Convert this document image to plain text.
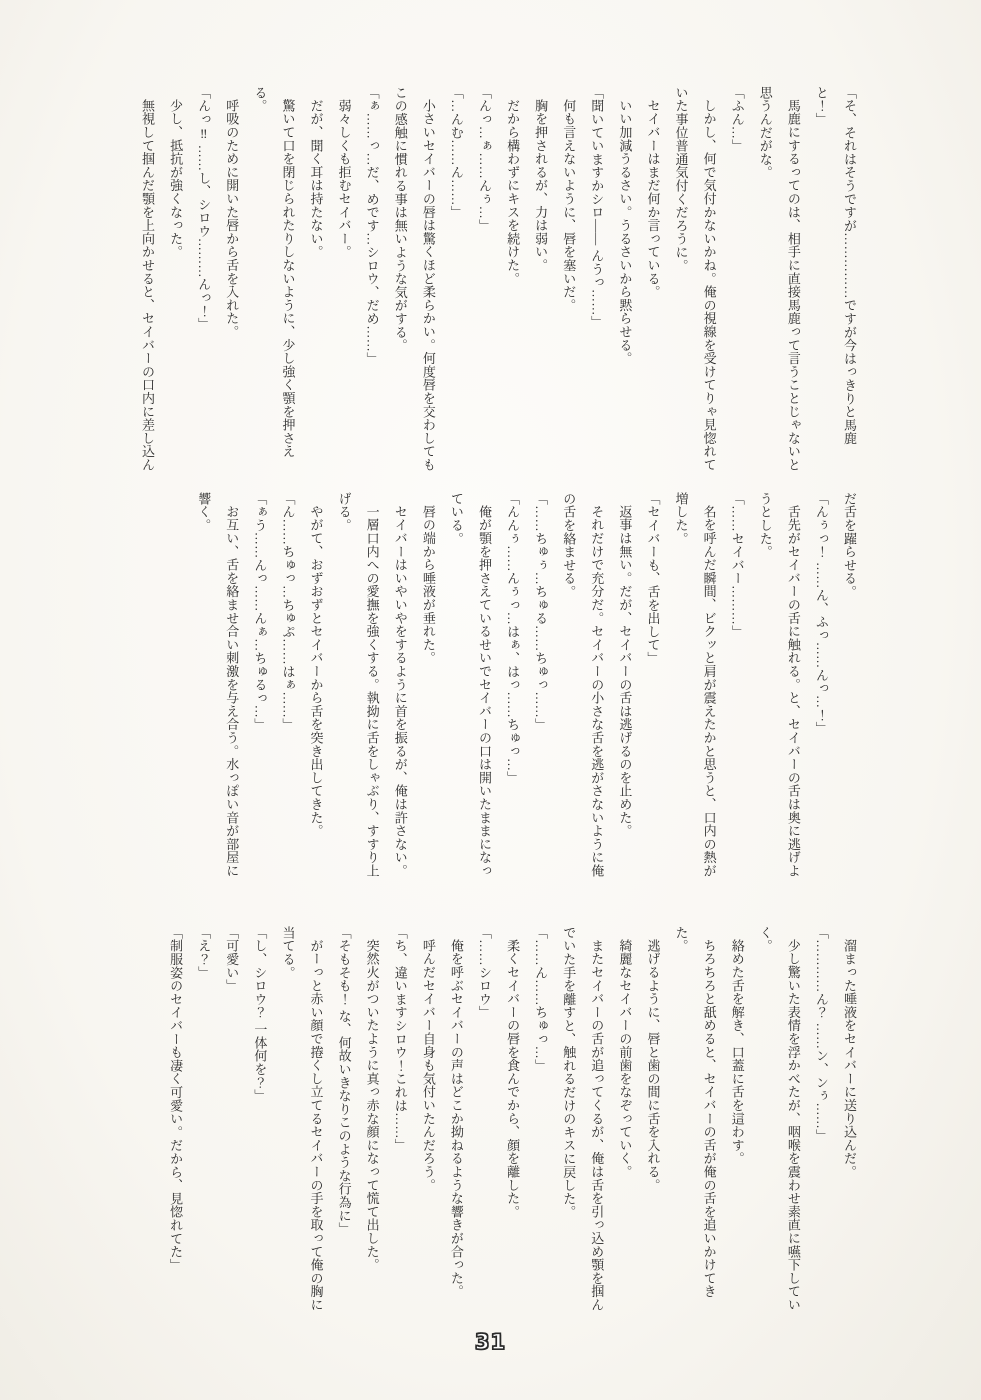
「そ、それはそうですが……………ですが今はっきりと馬鹿と！」

馬鹿にするってのは、相手に直接馬鹿って言うことじゃないと思うんだがな。

「ふん…」

しかし、何で気付かないかね。俺の視線を受けてりゃ見惚れていた事位普通気付くだろうに。

セイバーはまだ何か言っている。

いい加減うるさい。うるさいから黙らせる。

「聞いていますかシロ―― んうっ……」

何も言えないように、唇を塞いだ。

胸を押されるが、力は弱い。

だから構わずにキスを続けた。

「んっ…ぁ……んぅ…」

「…んむ……ん……」

小さいセイバーの唇は驚くほど柔らかい。何度唇を交わしてもこの感触に慣れる事は無いような気がする。

「ぁ……っ…だ、めです…シロウ、だめ……」

弱々しくも拒むセイバー。

だが、聞く耳は持たない。

驚いて口を閉じられたりしないように、少し強く顎を押さえる。

呼吸のために開いた唇から舌を入れた。

「んっ‼ ……し、シロウ………んっ！」

少し、抵抗が強くなった。

無視して掴んだ顎を上向かせると、セイバーの口内に差し込ん

だ舌を躍らせる。

「んぅっ！ ……ん、ふっ……んっ…！」

舌先がセイバーの舌に触れる。と、セイバーの舌は奥に逃げようとした。

「……セイバー………」

名を呼んだ瞬間、ビクッと肩が震えたかと思うと、口内の熱が増した。

「セイバーも、舌を出して」

返事は無い。だが、セイバーの舌は逃げるのを止めた。

それだけで充分だ。セイバーの小さな舌を逃がさないように俺の舌を絡ませる。

「……ちゅぅ…ちゅる……ちゅっ……」

「んんぅ……んぅっ…はぁ、はっ……ちゅっ…」

俺が顎を押さえているせいでセイバーの口は開いたままになっている。

唇の端から唾液が垂れた。

セイバーはいやいやをするように首を振るが、俺は許さない。

一層口内への愛撫を強くする。執拗に舌をしゃぶり、すすり上げる。

やがて、おずおずとセイバーから舌を突き出してきた。

「ん……ちゅっ…ちゅぷ……はぁ……」

「ぁう……んっ……んぁ…ちゅるっ…」

お互い、舌を絡ませ合い刺激を与え合う。水っぽい音が部屋に響く。

溜まった唾液をセイバーに送り込んだ。

「…………ん？ ……ン、ンぅ……」

少し驚いた表情を浮かべたが、咽喉を震わせ素直に嚥下していく。

絡めた舌を解き、口蓋に舌を這わす。

ちろちろと舐めると、セイバーの舌が俺の舌を追いかけてきた。

逃げるように、唇と歯の間に舌を入れる。

綺麗なセイバーの前歯をなぞっていく。

またセイバーの舌が追ってくるが、俺は舌を引っ込め顎を掴んでいた手を離すと、触れるだけのキスに戻した。

「……ん……ちゅっ…」

柔くセイバーの唇を食んでから、顔を離した。

「……シロウ」

俺を呼ぶセイバーの声はどこか拗ねるような響きが合った。

呼んだセイバー自身も気付いたんだろう。

「ち、違いますシロウ！これは……」

突然火がついたように真っ赤な顔になって慌て出した。

「そもそも！ な、何故いきなりこのような行為に」

がーっと赤い顔で捲くし立てるセイバーの手を取って俺の胸に当てる。

「し、シロウ？ 一体何を？」

「可愛い」

「え？」

「制服姿のセイバーも凄く可愛い。だから、見惚れてた」

31
